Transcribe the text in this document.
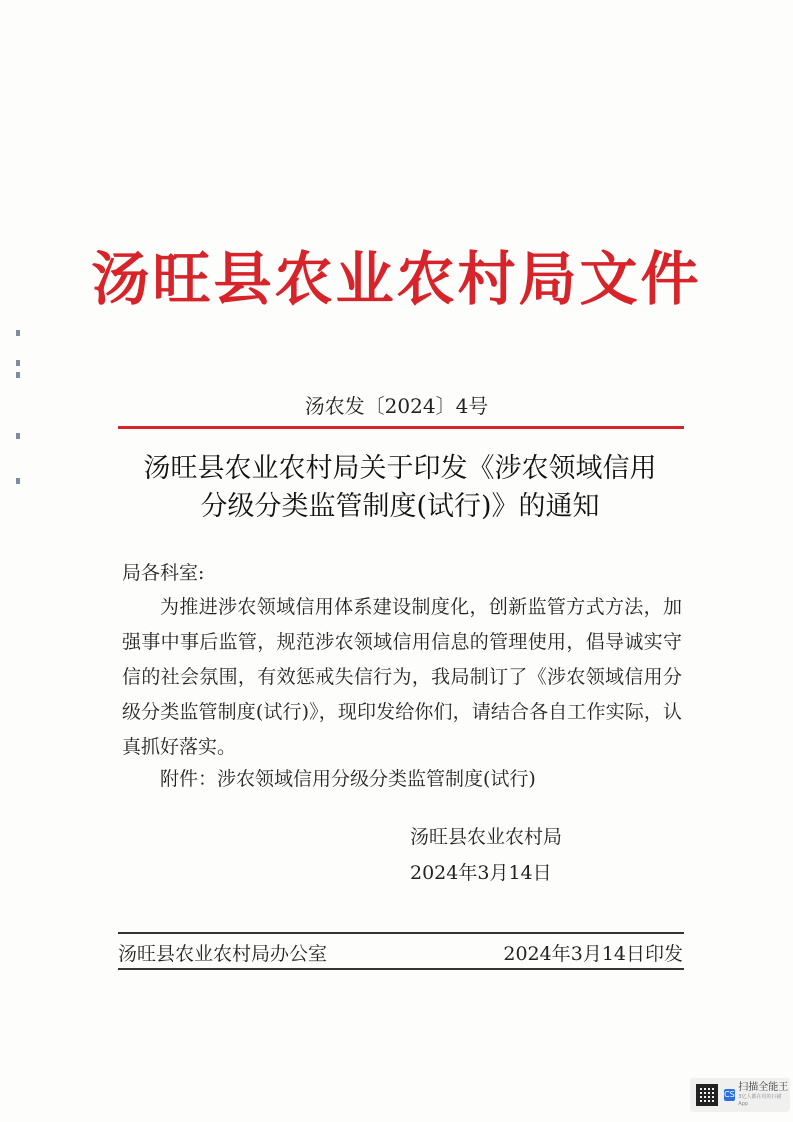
汤旺县农业农村局文件
汤农发〔2024〕4号
汤旺县农业农村局关于印发《涉农领域信用
分级分类监管制度(试行)》的通知
局各科室:
为推进涉农领域信用体系建设制度化，创新监管方式方法，加强事中事后监管，规范涉农领域信用信息的管理使用，倡导诚实守信的社会氛围，有效惩戒失信行为，我局制订了《涉农领域信用分级分类监管制度(试行)》，现印发给你们，请结合各自工作实际，认真抓好落实。
附件：涉农领域信用分级分类监管制度(试行)
汤旺县农业农村局
2024年3月14日
汤旺县农业农村局办公室	2024年3月14日印发
CS
扫描全能王
3亿人都在用的扫描App
